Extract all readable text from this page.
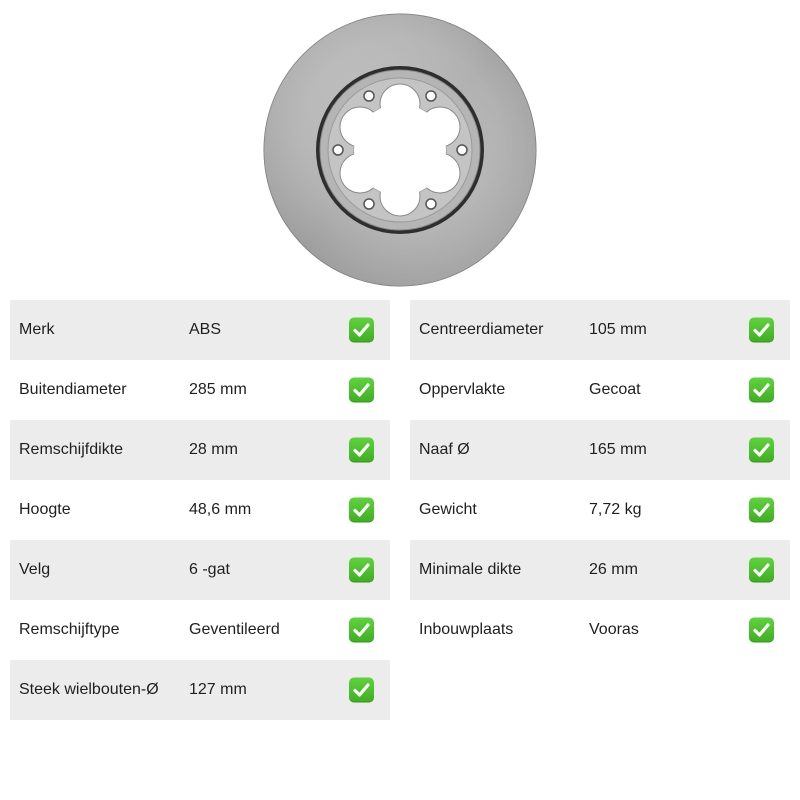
Merk	ABS
Buitendiameter	285 mm
Remschijfdikte	28 mm
Hoogte	48,6 mm
Velg	6 -gat
Remschijftype	Geventileerd
Steek wielbouten-Ø 127 mm
Centreerdiameter	105 mm
Oppervlakte	Gecoat
Naaf Ø	165 mm
Gewicht	7,72 kg
Minimale dikte	26 mm
Inbouwplaats	Vooras
